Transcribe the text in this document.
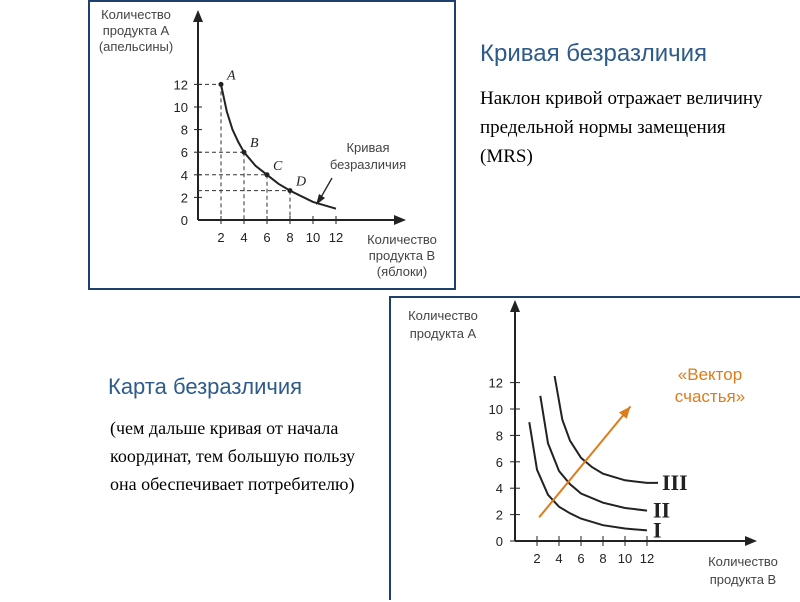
Количество
продукта А
(апельсины)
Количество
продукта В
(яблоки)
0
2
4
6
8
10
12
2 4 6 8 10 12
A
B
C
D
Кривая
безразличия
Количество
продукта А
Количество
продукта В
0
2
4
6
8
10
12
2 4 6 8 10 12
I
II
III
Кривая безразличия
Наклон кривой отражает величину предельной нормы замещения (MRS)
Карта безразличия
(чем дальше кривая от начала координат, тем большую пользу она обеспечивает потребителю)
«Вектор
счастья»
